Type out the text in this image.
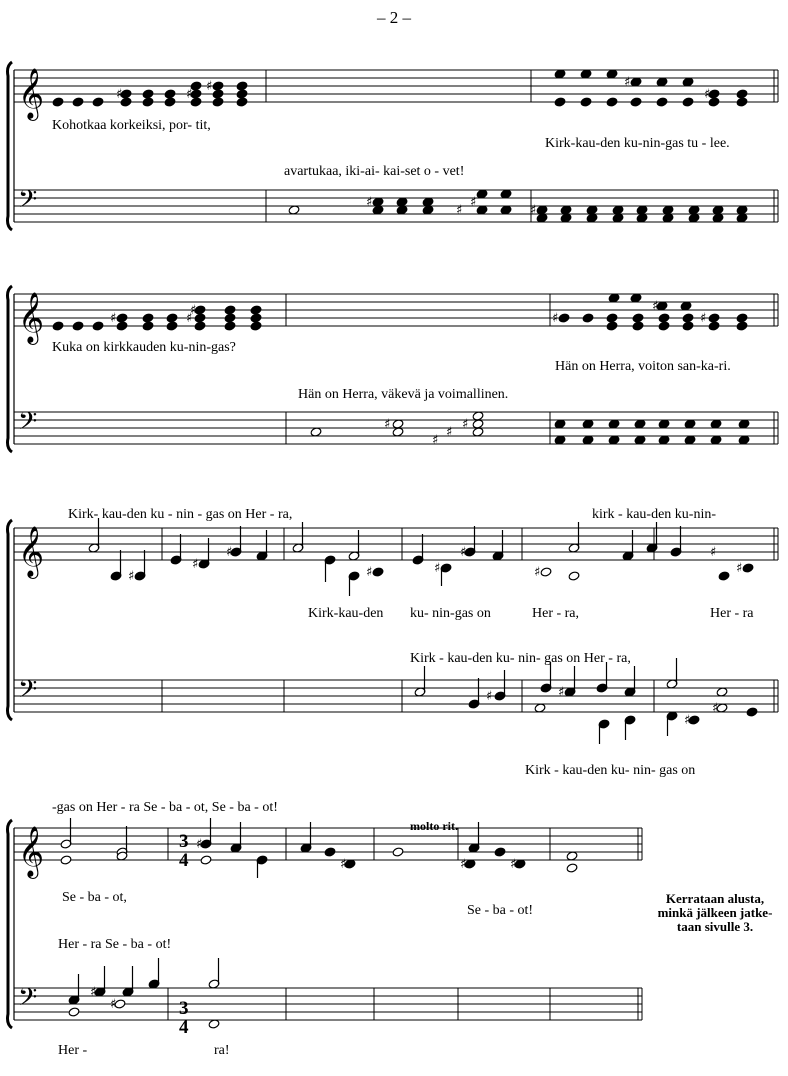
– 2 –
𝄞
𝄢
𝄞
𝄢
𝄞
𝄢
𝄞
𝄢
♯	♯
♯	♯
♯
♯
♯
♯
♯
♯	♯
♯
♯
♯
♯
♯
♯
♯
♯
♯
♯
♯
♯	♯
♯
♯	♯
♯
♯	♯
♯
♯
♯
♯	♯
♯
♯
♯
Kohotkaa korkeiksi, por- tit,
avartukaa, iki-ai- kai-set o - vet!
Kirk-kau-den ku-nin-gas tu - lee.
Kuka on kirkkauden ku-nin-gas?
Hän on Herra, väkevä ja voimallinen.
Hän on Herra, voiton san-ka-ri.
Kirk- kau-den ku - nin - gas on Her - ra,	kirk - kau-den ku-nin-
Kirk-kau-den ku- nin-gas on	Her - ra,	Her - ra
Kirk - kau-den ku- nin- gas on Her - ra,
Kirk - kau-den ku- nin- gas on
-gas on Her - ra Se - ba - ot, Se - ba - ot!
molto rit.
Se - ba - ot,
Se - ba - ot!
Her - ra Se - ba - ot!
Her -	ra!
3
4
3
4
Kerrataan alusta, minkä jälkeen jatke-taan sivulle 3.
